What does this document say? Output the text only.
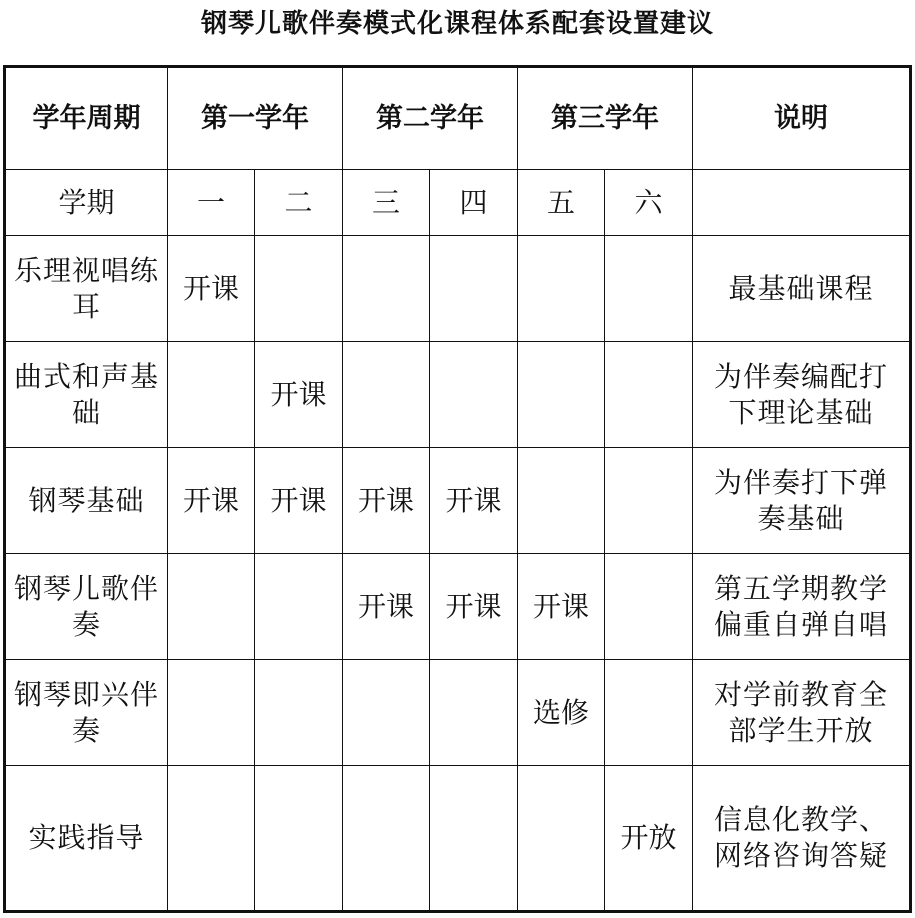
钢琴儿歌伴奏模式化课程体系配套设置建议
学年周期	第一学年		第二学年		第三学年		说明
学期	一	二	三	四	五	六	
乐理视唱练耳	开课						最基础课程
曲式和声基础		开课					为伴奏编配打下理论基础
钢琴基础	开课	开课	开课	开课			为伴奏打下弹奏基础
钢琴儿歌伴奏			开课	开课	开课		第五学期教学偏重自弹自唱
钢琴即兴伴奏					选修		对学前教育全部学生开放
实践指导						开放	信息化教学、网络咨询答疑
